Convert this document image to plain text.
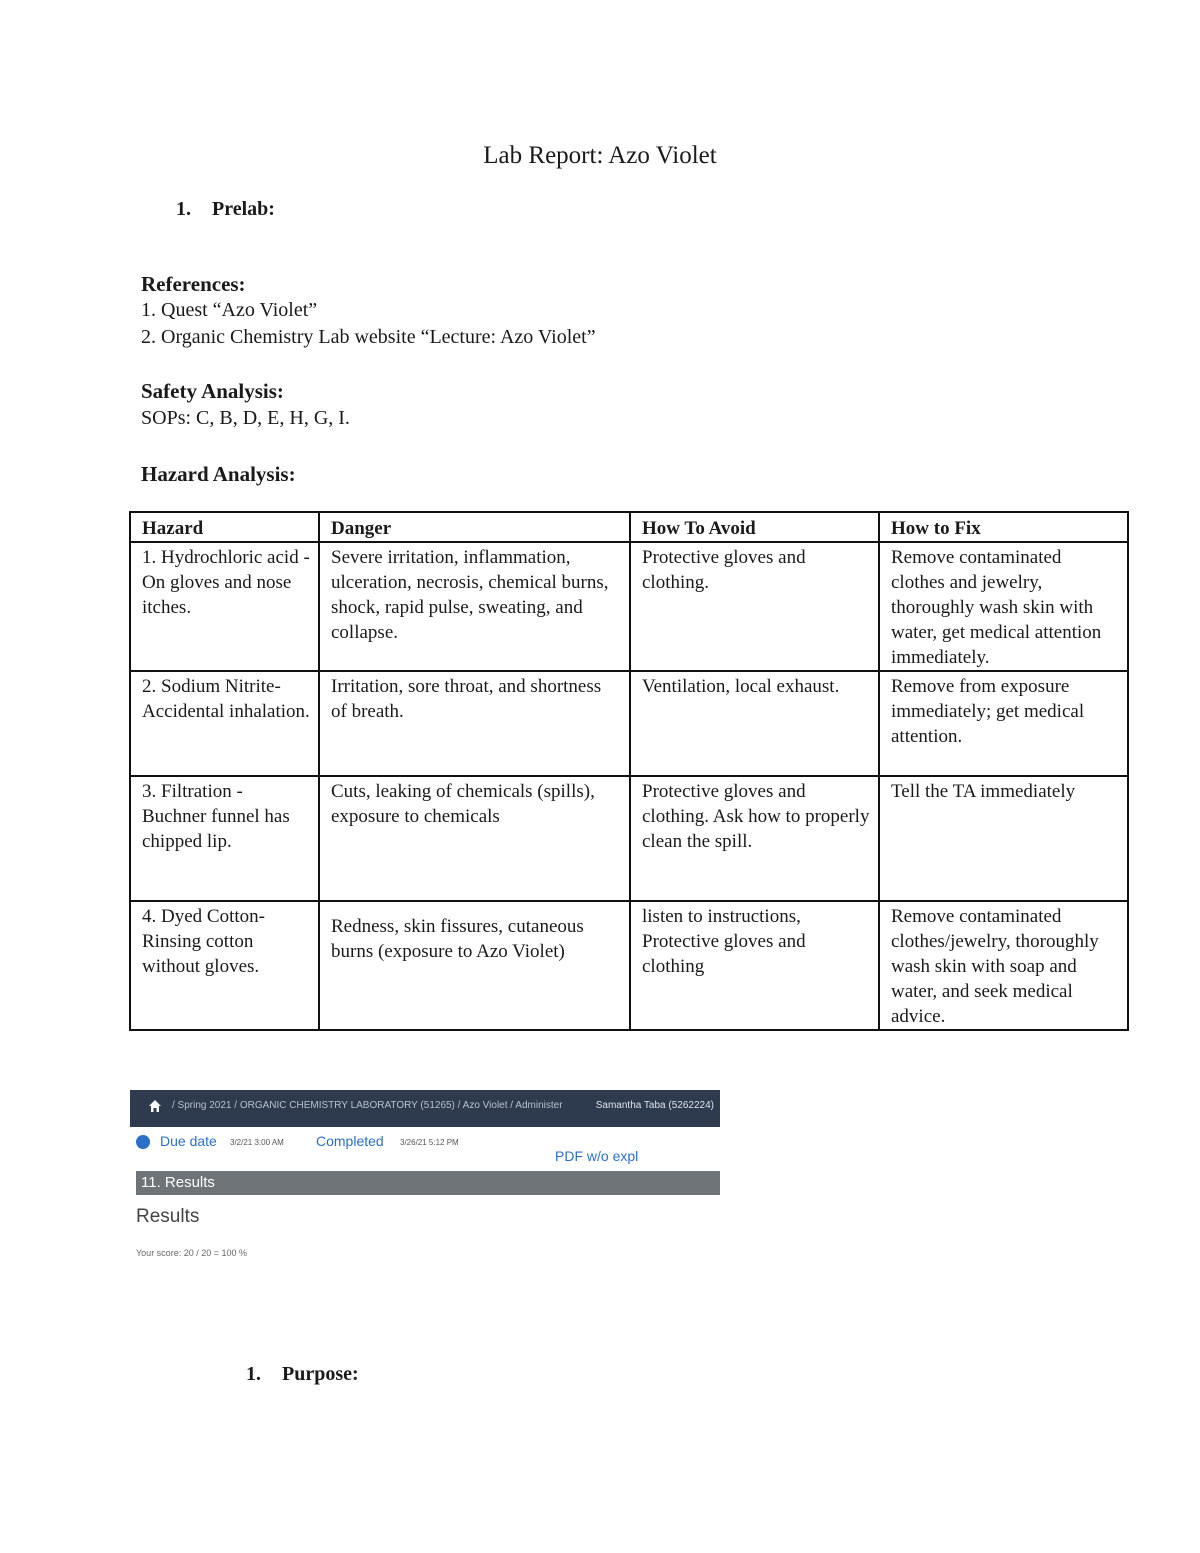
Lab Report: Azo Violet
1. Prelab:
References:
1. Quest “Azo Violet”
2. Organic Chemistry Lab website “Lecture: Azo Violet”
Safety Analysis:
SOPs: C, B, D, E, H, G, I.
Hazard Analysis:
Hazard	Danger	How To Avoid	How to Fix
1. Hydrochloric acid - On gloves and nose itches.	Severe irritation, inflammation, ulceration, necrosis, chemical burns, shock, rapid pulse, sweating, and collapse.	Protective gloves and clothing.	Remove contaminated clothes and jewelry, thoroughly wash skin with water, get medical attention immediately.
2. Sodium Nitrite- Accidental inhalation.	Irritation, sore throat, and shortness of breath.	Ventilation, local exhaust.	Remove from exposure immediately; get medical attention.
3. Filtration - Buchner funnel has chipped lip.	Cuts, leaking of chemicals (spills), exposure to chemicals	Protective gloves and clothing. Ask how to properly clean the spill.	Tell the TA immediately
4. Dyed Cotton- Rinsing cotton without gloves.	Redness, skin fissures, cutaneous burns (exposure to Azo Violet)	listen to instructions, Protective gloves and clothing	Remove contaminated clothes/jewelry, thoroughly wash skin with soap and water, and seek medical advice.
/ Spring 2021 / ORGANIC CHEMISTRY LABORATORY (51265) / Azo Violet / Administer	Samantha Taba (5262224)
Due date 3/2/21 3:00 AM Completed 3/26/21 5:12 PM
PDF w/o expl
11. Results
Results
Your score: 20 / 20 = 100 %
1. Purpose:
